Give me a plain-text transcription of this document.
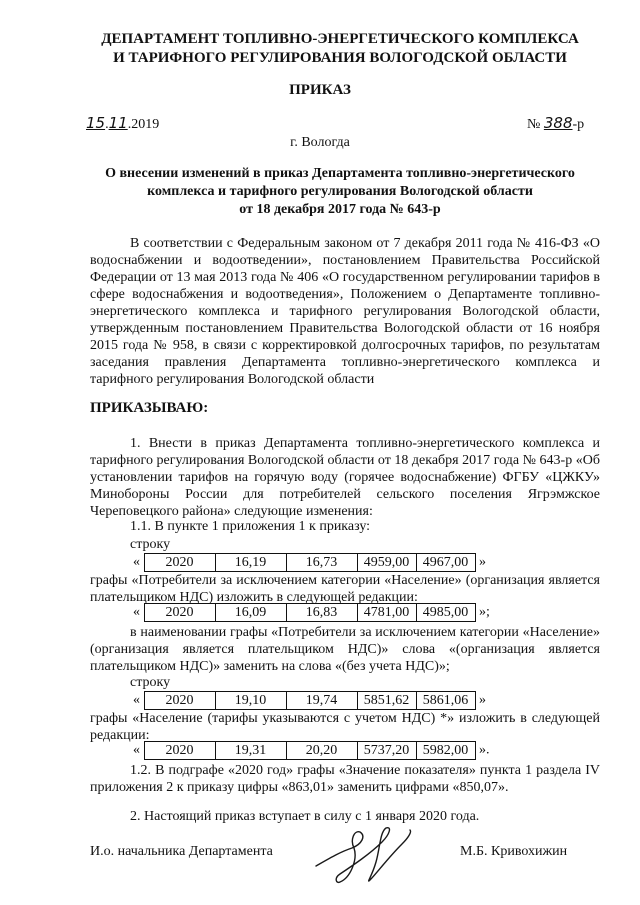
ДЕПАРТАМЕНТ ТОПЛИВНО-ЭНЕРГЕТИЧЕСКОГО КОМПЛЕКСА
И ТАРИФНОГО РЕГУЛИРОВАНИЯ ВОЛОГОДСКОЙ ОБЛАСТИ
ПРИКАЗ
15.11.2019	№ 388-р
г. Вологда
О внесении изменений в приказ Департамента топливно-энергетического
комплекса и тарифного регулирования Вологодской области
от 18 декабря 2017 года № 643-р
В соответствии с Федеральным законом от 7 декабря 2011 года № 416-ФЗ «О водоснабжении и водоотведении», постановлением Правительства Российской Федерации от 13 мая 2013 года № 406 «О государственном регулировании тарифов в сфере водоснабжения и водоотведения», Положением о Департаменте топливно-энергетического комплекса и тарифного регулирования Вологодской области, утвержденным постановлением Правительства Вологодской области от 16 ноября 2015 года № 958, в связи с корректировкой долгосрочных тарифов, по результатам заседания правления Департамента топливно-энергетического комплекса и тарифного регулирования Вологодской области
ПРИКАЗЫВАЮ:
1. Внести в приказ Департамента топливно-энергетического комплекса и тарифного регулирования Вологодской области от 18 декабря 2017 года № 643-р «Об установлении тарифов на горячую воду (горячее водоснабжение) ФГБУ «ЦЖКУ» Минобороны России для потребителей сельского поселения Ягрэмжское Череповецкого района» следующие изменения:
1.1. В пункте 1 приложения 1 к приказу:
строку
« 2020	16,19	16,73	4959,00	4967,00 »
графы «Потребители за исключением категории «Население» (организация является плательщиком НДС) изложить в следующей редакции:
« 2020	16,09	16,83	4781,00	4985,00 »;
в наименовании графы «Потребители за исключением категории «Население» (организация является плательщиком НДС)» слова «(организация является плательщиком НДС)» заменить на слова «(без учета НДС)»;
строку
« 2020	19,10	19,74	5851,62	5861,06 »
графы «Население (тарифы указываются с учетом НДС) *» изложить в следующей редакции:
« 2020	19,31	20,20	5737,20	5982,00 ».
1.2. В подграфе «2020 год» графы «Значение показателя» пункта 1 раздела IV приложения 2 к приказу цифры «863,01» заменить цифрами «850,07».
2. Настоящий приказ вступает в силу с 1 января 2020 года.
И.о. начальника Департамента	М.Б. Кривохижин
